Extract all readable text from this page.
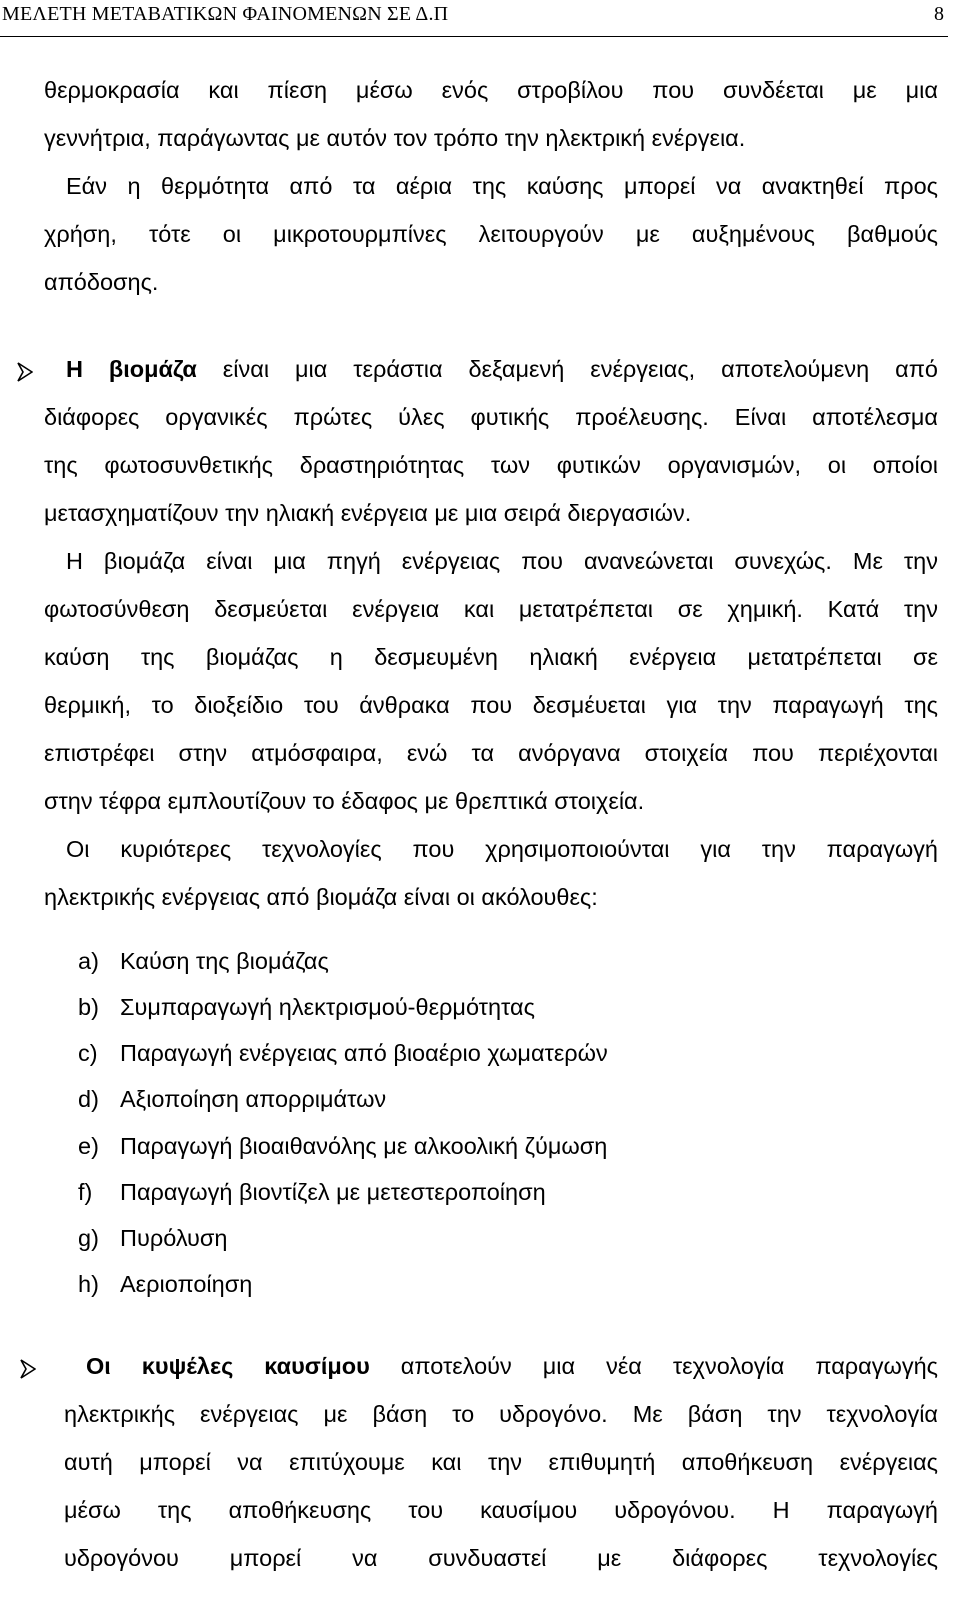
ΜΕΛΕΤΗ ΜΕΤΑΒΑΤΙΚΩΝ ΦΑΙΝΟΜΕΝΩΝ ΣΕ Δ.Π	8
θερμοκρασία και πίεση μέσω ενός στροβίλου που συνδέεται με μια
γεννήτρια, παράγωντας με αυτόν τον τρόπο την ηλεκτρική ενέργεια.
Εάν η θερμότητα από τα αέρια της καύσης μπορεί να ανακτηθεί προς
χρήση, τότε οι μικροτουρμπίνες λειτουργούν με αυξημένους βαθμούς
απόδοσης.
Η βιομάζα είναι μια τεράστια δεξαμενή ενέργειας, αποτελούμενη από
διάφορες οργανικές πρώτες ύλες φυτικής προέλευσης. Είναι αποτέλεσμα
της φωτοσυνθετικής δραστηριότητας των φυτικών οργανισμών, οι οποίοι
μετασχηματίζουν την ηλιακή ενέργεια με μια σειρά διεργασιών.
Η βιομάζα είναι μια πηγή ενέργειας που ανανεώνεται συνεχώς. Με την
φωτοσύνθεση δεσμεύεται ενέργεια και μετατρέπεται σε χημική. Κατά την
καύση της βιομάζας η δεσμευμένη ηλιακή ενέργεια μετατρέπεται σε
θερμική, το διοξείδιο του άνθρακα που δεσμέυεται για την παραγωγή της
επιστρέφει στην ατμόσφαιρα, ενώ τα ανόργανα στοιχεία που περιέχονται
στην τέφρα εμπλουτίζουν το έδαφος με θρεπτικά στοιχεία.
Οι κυριότερες τεχνολογίες που χρησιμοποιούνται για την παραγωγή
ηλεκτρικής ενέργειας από βιομάζα είναι οι ακόλουθες:
a) Καύση της βιομάζας
b) Συμπαραγωγή ηλεκτρισμού-θερμότητας
c) Παραγωγή ενέργειας από βιοαέριο χωματερών
d) Αξιοποίηση απορριμάτων
e) Παραγωγή βιοαιθανόλης με αλκοολική ζύμωση
f) Παραγωγή βιοντίζελ με μετεστεροποίηση
g) Πυρόλυση
h) Αεριοποίηση
Οι κυψέλες καυσίμου αποτελούν μια νέα τεχνολογία παραγωγής
ηλεκτρικής ενέργειας με βάση το υδρογόνο. Με βάση την τεχνολογία
αυτή μπορεί να επιτύχουμε και την επιθυμητή αποθήκευση ενέργειας
μέσω της αποθήκευσης του καυσίμου υδρογόνου. Η παραγωγή
υδρογόνου μπορεί να συνδυαστεί με διάφορες τεχνολογίες
